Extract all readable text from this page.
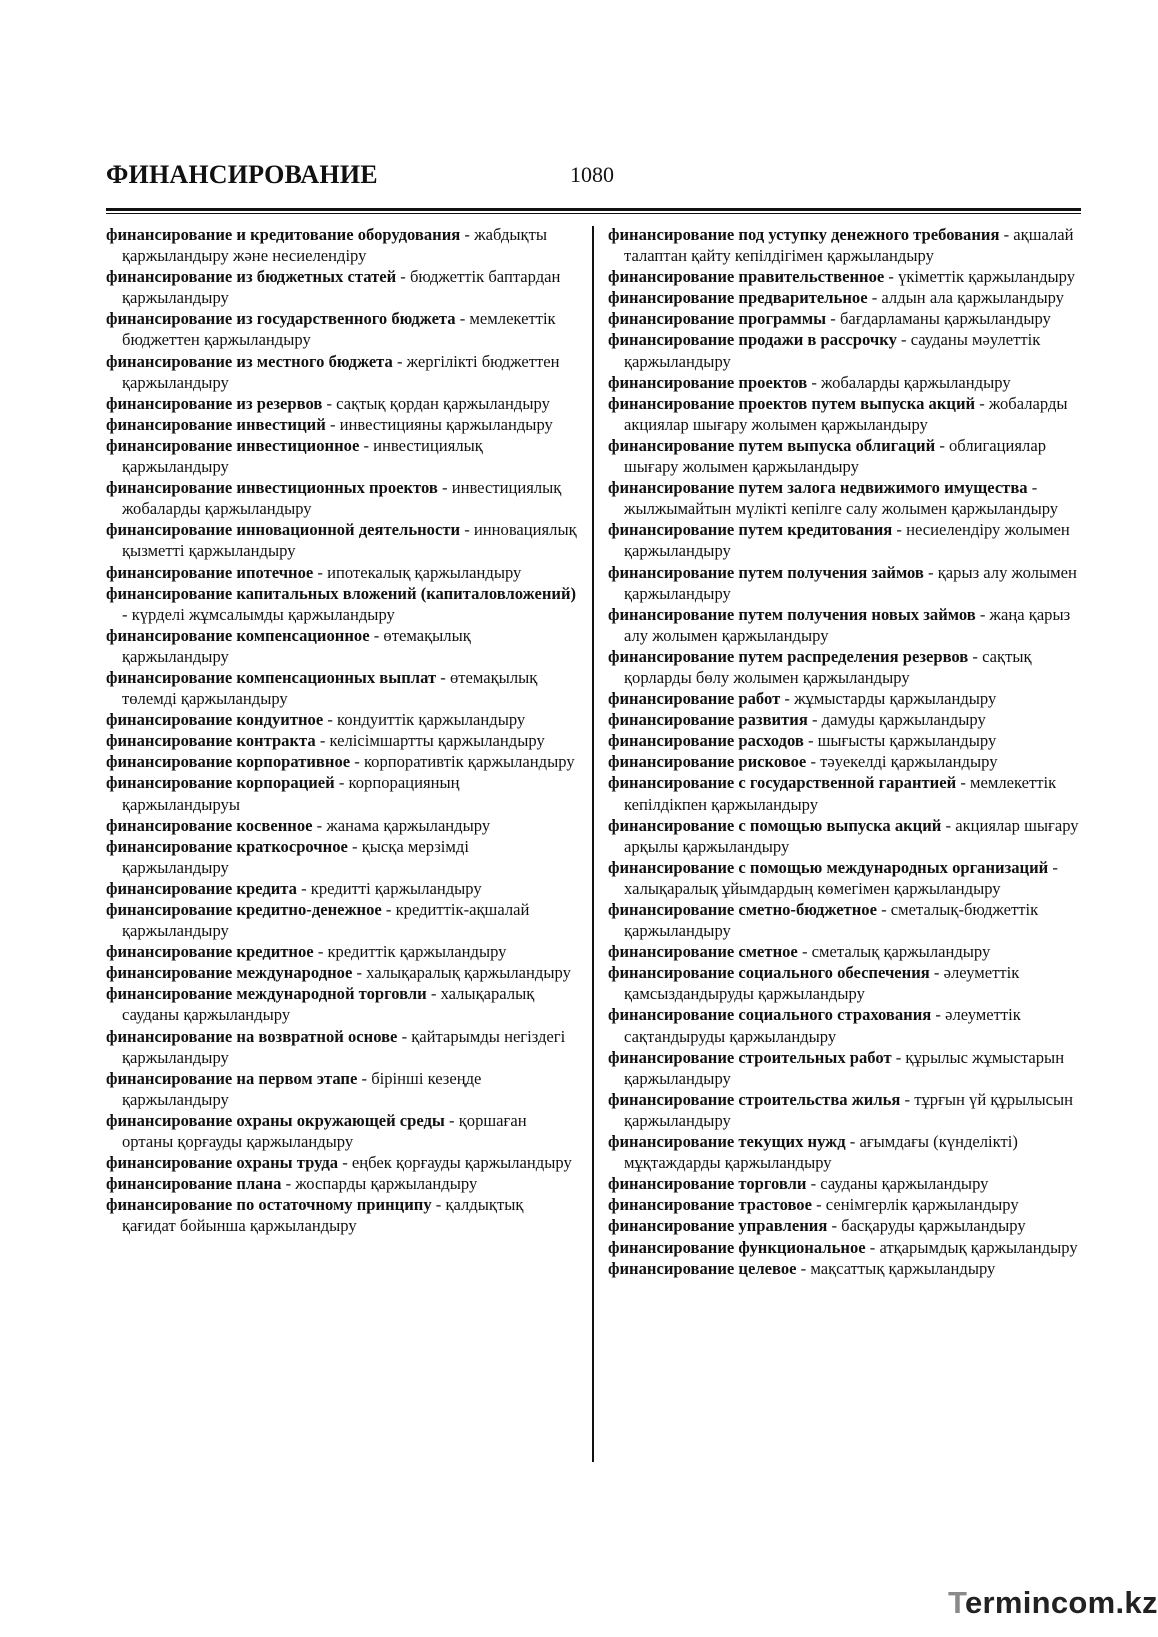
ФИНАНСИРОВАНИЕ	1080

финансирование и кредитование оборудования - жабдықты қаржыландыру және несиелендіру

финансирование из бюджетных статей - бюджеттік баптардан қаржыландыру

финансирование из государственного бюджета - мемлекеттік бюджеттен қаржыландыру

финансирование из местного бюджета - жергілікті бюджеттен қаржыландыру

финансирование из резервов - сақтық қордан қаржыландыру

финансирование инвестиций - инвестицияны қаржыландыру

финансирование инвестиционное - инвестициялық қаржыландыру

финансирование инвестиционных проектов - инвестициялық жобаларды қаржыландыру

финансирование инновационной деятельности - инновациялық қызметті қаржыландыру

финансирование ипотечное - ипотекалық қаржыландыру

финансирование капитальных вложений (капиталовложений) - күрделі жұмсалымды қаржыландыру

финансирование компенсационное - өтемақылық қаржыландыру

финансирование компенсационных выплат - өтемақылық төлемді қаржыландыру

финансирование кондуитное - кондуиттік қаржыландыру

финансирование контракта - келісімшартты қаржыландыру

финансирование корпоративное - корпоративтік қаржыландыру

финансирование корпорацией - корпорацияның қаржыландыруы

финансирование косвенное - жанама қаржыландыру

финансирование краткосрочное - қысқа мерзімді қаржыландыру

финансирование кредита - кредитті қаржыландыру

финансирование кредитно-денежное - кредиттік-ақшалай қаржыландыру

финансирование кредитное - кредиттік қаржыландыру

финансирование международное - халықаралық қаржыландыру

финансирование международной торговли - халықаралық сауданы қаржыландыру

финансирование на возвратной основе - қайтарымды негіздегі қаржыландыру

финансирование на первом этапе - бірінші кезеңде қаржыландыру

финансирование охраны окружающей среды - қоршаған ортаны қорғауды қаржыландыру

финансирование охраны труда - еңбек қорғауды қаржыландыру

финансирование плана - жоспарды қаржыландыру

финансирование по остаточному принципу - қалдықтық қағидат бойынша қаржыландыру

финансирование под уступку денежного требования - ақшалай талаптан қайту кепілдігімен қаржыландыру

финансирование правительственное - үкіметтік қаржыландыру

финансирование предварительное - алдын ала қаржыландыру

финансирование программы - бағдарламаны қаржыландыру

финансирование продажи в рассрочку - сауданы мәулеттік қаржыландыру

финансирование проектов - жобаларды қаржыландыру

финансирование проектов путем выпуска акций - жобаларды акциялар шығару жолымен қаржыландыру

финансирование путем выпуска облигаций - облигациялар шығару жолымен қаржыландыру

финансирование путем залога недвижимого имущества - жылжымайтын мүлікті кепілге салу жолымен қаржыландыру

финансирование путем кредитования - несиелендіру жолымен қаржыландыру

финансирование путем получения займов - қарыз алу жолымен қаржыландыру

финансирование путем получения новых займов - жаңа қарыз алу жолымен қаржыландыру

финансирование путем распределения резервов - сақтық қорларды бөлу жолымен қаржыландыру

финансирование работ - жұмыстарды қаржыландыру

финансирование развития - дамуды қаржыландыру

финансирование расходов - шығысты қаржыландыру

финансирование рисковое - тәуекелді қаржыландыру

финансирование с государственной гарантией - мемлекеттік кепілдікпен қаржыландыру

финансирование с помощью выпуска акций - акциялар шығару арқылы қаржыландыру

финансирование с помощью международных организаций - халықаралық ұйымдардың көмегімен қаржыландыру

финансирование сметно-бюджетное - сметалық-бюджеттік қаржыландыру

финансирование сметное - сметалық қаржыландыру

финансирование социального обеспечения - әлеуметтік қамсыздандыруды қаржыландыру

финансирование социального страхования - әлеуметтік сақтандыруды қаржыландыру

финансирование строительных работ - құрылыс жұмыстарын қаржыландыру

финансирование строительства жилья - тұрғын үй құрылысын қаржыландыру

финансирование текущих нужд - ағымдағы (күнделікті) мұқтаждарды қаржыландыру

финансирование торговли - сауданы қаржыландыру

финансирование трастовое - сенімгерлік қаржыландыру

финансирование управления - басқаруды қаржыландыру

финансирование функциональное - атқарымдық қаржыландыру

финансирование целевое - мақсаттық қаржыландыру

Termincom.kz
